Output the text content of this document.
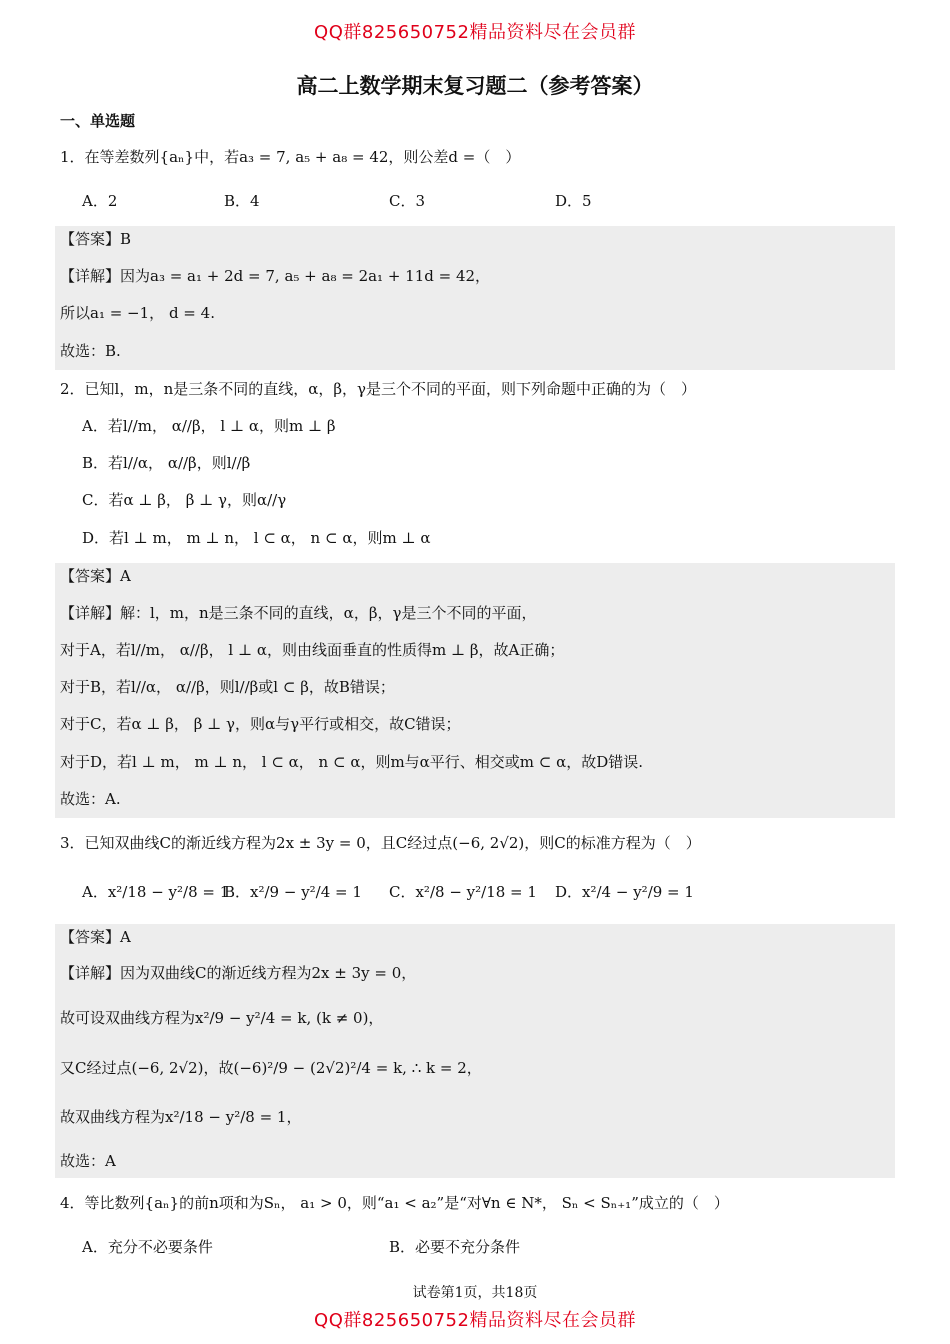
QQ群825650752精品资料尽在会员群
高二上数学期末复习题二（参考答案）
一、单选题
1．在等差数列{aₙ}中，若a₃ = 7, a₅ + a₈ = 42，则公差d =（　）
A．2	B．4	C．3	D．5
【答案】B
【详解】因为a₃ = a₁ + 2d = 7, a₅ + a₈ = 2a₁ + 11d = 42，
所以a₁ = −1， d = 4.
故选：B.
2．已知l，m，n是三条不同的直线，α，β，γ是三个不同的平面，则下列命题中正确的为（　）
A．若l//m， α//β， l ⊥ α，则m ⊥ β
B．若l//α， α//β，则l//β
C．若α ⊥ β， β ⊥ γ，则α//γ
D．若l ⊥ m， m ⊥ n， l ⊂ α， n ⊂ α，则m ⊥ α
【答案】A
【详解】解：l，m，n是三条不同的直线，α，β，γ是三个不同的平面，
对于A，若l//m， α//β， l ⊥ α，则由线面垂直的性质得m ⊥ β，故A正确；
对于B，若l//α， α//β，则l//β或l ⊂ β，故B错误；
对于C，若α ⊥ β， β ⊥ γ，则α与γ平行或相交，故C错误；
对于D，若l ⊥ m， m ⊥ n， l ⊂ α， n ⊂ α，则m与α平行、相交或m ⊂ α，故D错误.
故选：A.
3．已知双曲线C的渐近线方程为2x ± 3y = 0，且C经过点(−6, 2√2)，则C的标准方程为（　）
A．x²/18 − y²/8 = 1
B．x²/9 − y²/4 = 1 C．x²/8 − y²/18 = 1 D．x²/4 − y²/9 = 1
【答案】A
【详解】因为双曲线C的渐近线方程为2x ± 3y = 0，
故可设双曲线方程为x²/9 − y²/4 = k, (k ≠ 0)，
又C经过点(−6, 2√2)，故(−6)²/9 − (2√2)²/4 = k, ∴ k = 2，
故双曲线方程为x²/18 − y²/8 = 1，
故选：A
4．等比数列{aₙ}的前n项和为Sₙ， a₁ > 0，则“a₁ < a₂”是“对∀n ∈ N*， Sₙ < Sₙ₊₁”成立的（　）
A．充分不必要条件	B．必要不充分条件
试卷第1页，共18页
QQ群825650752精品资料尽在会员群
